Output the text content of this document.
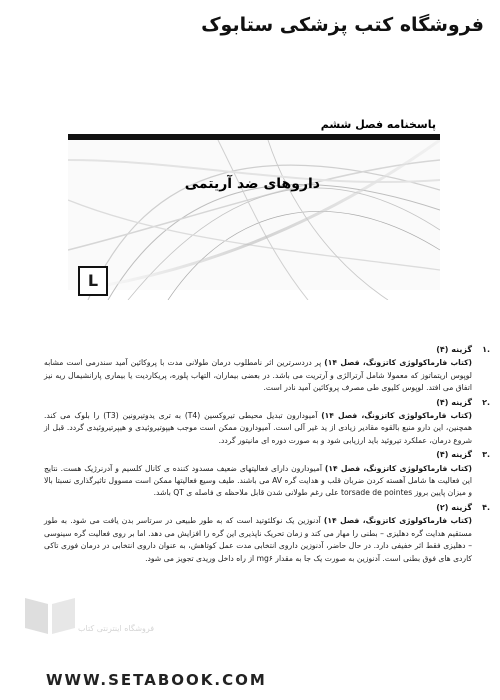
فروشگاه کتب پزشکی ستابوک
پاسخنامه فصل ششم
داروهای ضد آریتمی
L
.۱
گزینه (۴)
(کتاب فارماکولوژی کاتزونگ، فصل ۱۴) پر دردسرترین اثر نامطلوب درمان طولانی مدت با پروکائین آمید سندرمی است مشابه لوپوس اریتماتوز که معمولا شامل آرترالژی و آرتریت می باشد. در بعضی بیماران، التهاب پلوره، پریکاردیت یا بیماری پارانشیمال ریه نیز اتفاق می افتد. لوپوس کلیوی طی مصرف پروکائین آمید نادر است.
.۲
گزینه (۴)
(کتاب فارماکولوژی کاتزونگ، فصل ۱۴) آمیودارون تبدیل محیطی تیروکسین (T4) به تری یدوتیرونین (T3) را بلوک می کند. همچنین، این دارو منبع بالقوه مقادیر زیادی از ید غیر آلی است. آمیودارون ممکن است موجب هیپوتیروئیدی و هیپرتیروئیدی گردد. قبل از شروع درمان، عملکرد تیروئید باید ارزیابی شود و به صورت دوره ای مانیتور گردد.
.۳
گزینه (۴)
(کتاب فارماکولوژی کاتزونگ، فصل ۱۴) آمیودارون دارای فعالیتهای ضعیف مسدود کننده ی کانال کلسیم و آدرنرژیک هست. نتایج این فعالیت ها شامل آهسته کردن ضربان قلب و هدایت گره AV می باشند. طیف وسیع فعالیتها ممکن است مسوول تاثیرگذاری نسبتا بالا و میزان پایین بروز torsade de pointes علی رغم طولانی شدن قابل ملاحظه ی فاصله ی QT باشد.
.۴
گزینه (۲)
(کتاب فارماکولوژی کاتزونگ، فصل ۱۴) آدنوزین یک نوکلئوتید است که به طور طبیعی در سرتاسر بدن یافت می شود. به طور مستقیم هدایت گره دهلیزی – بطنی را مهار می کند و زمان تحریک ناپذیری این گره را افزایش می دهد. اما بر روی فعالیت گره سینوسی – دهلیزی فقط اثر خفیفی دارد. در حال حاضر، آدنوزین داروی انتخابی مدت عمل کوتاهش، به عنوان داروی انتخابی در درمان فوری تاکی کاردی های فوق بطنی است. آدنوزین به صورت یک جا به مقدار mg۶ از راه داخل وریدی تجویز می شود.
فروشگاه اینترنتی کتاب
WWW.SETABOOK.COM
